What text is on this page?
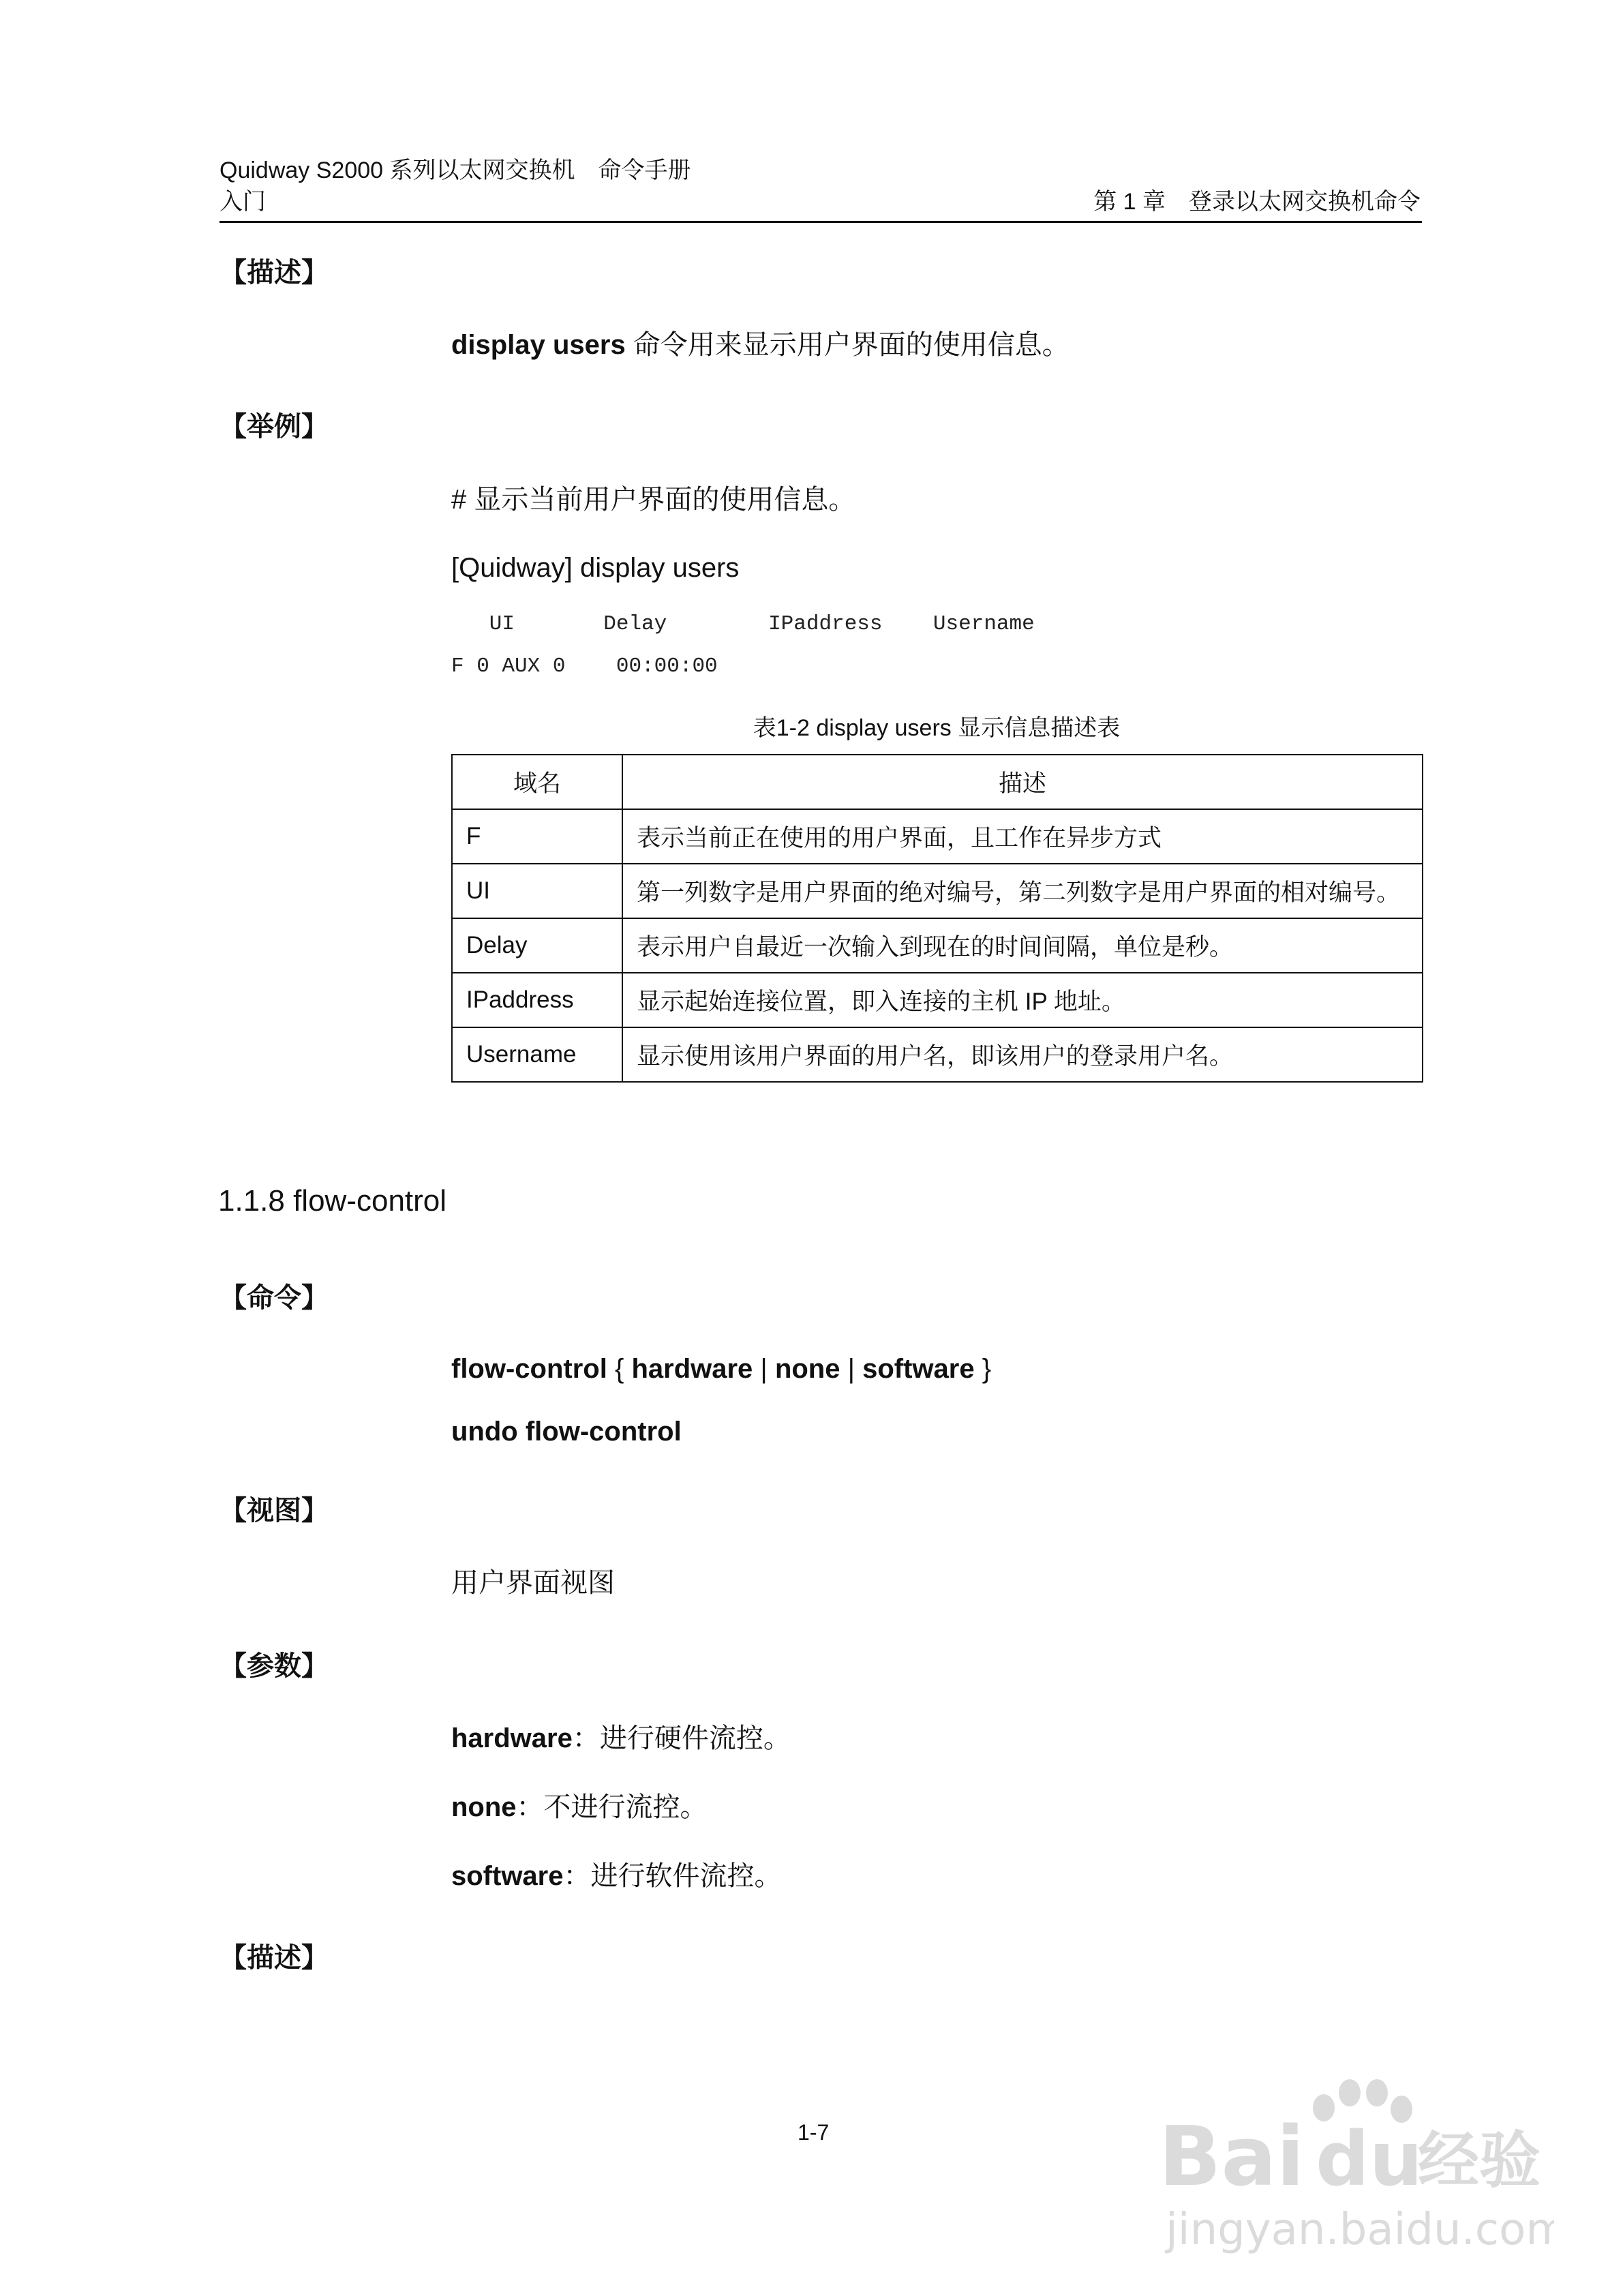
Quidway S2000 系列以太网交换机　命令手册
入门	第 1 章　登录以太网交换机命令
【描述】
display users 命令用来显示用户界面的使用信息。
【举例】
# 显示当前用户界面的使用信息。
[Quidway] display users
UI       Delay        IPaddress    Username
F 0 AUX 0    00:00:00
表1-2 display users 显示信息描述表
域名	描述
F	表示当前正在使用的用户界面，且工作在异步方式
UI	第一列数字是用户界面的绝对编号，第二列数字是用户界面的相对编号。
Delay	表示用户自最近一次输入到现在的时间间隔，单位是秒。
IPaddress	显示起始连接位置，即入连接的主机 IP 地址。
Username	显示使用该用户界面的用户名，即该用户的登录用户名。
1.1.8 flow-control
【命令】
flow-control { hardware | none | software }
undo flow-control
【视图】
用户界面视图
【参数】
hardware：进行硬件流控。
none：不进行流控。
software：进行软件流控。
【描述】
1-7	Bai du
经验
jingyan.baidu.com
